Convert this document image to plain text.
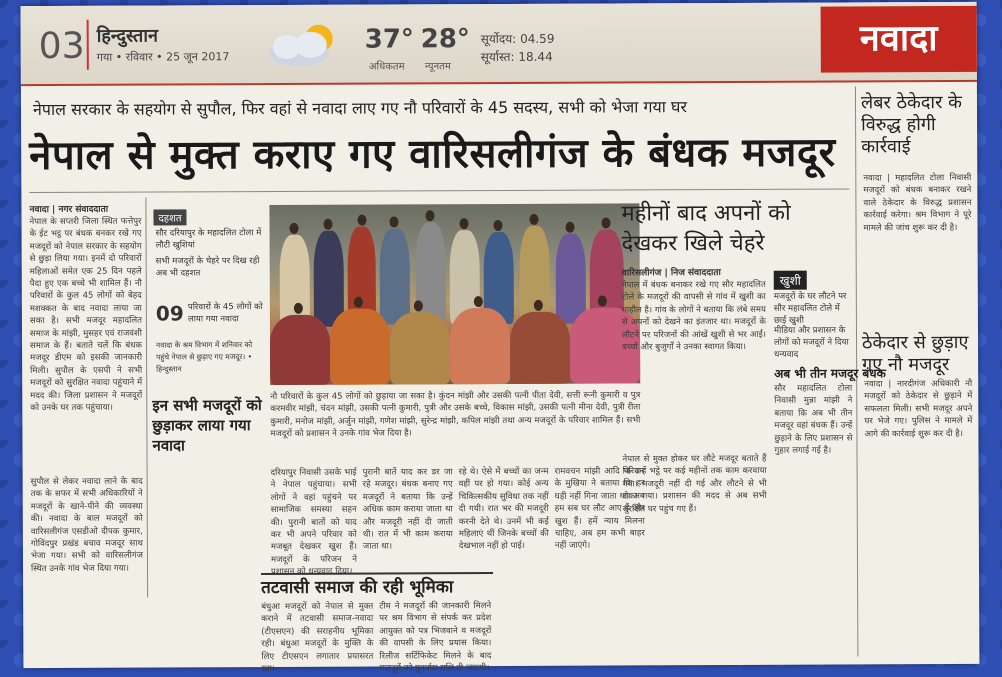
03 हिन्दुस्तान
गया • रविवार • 25 जून 2017
37°
अधिकतम
28°
न्यूनतम
सूर्योदय: 04.59
सूर्यास्त: 18.44	नवादा
नेपाल सरकार के सहयोग से सुपौल, फिर वहां से नवादा लाए गए नौ परिवारों के 45 सदस्य, सभी को भेजा गया घर
नेपाल से मुक्त कराए गए वारिसलीगंज के बंधक मजदूर
लेबर ठेकेदार के विरुद्ध होगी कार्रवाई
नवादा | महादलित टोला निवासी मजदूरों को बंधक बनाकर रखने वाले ठेकेदार के विरुद्ध प्रशासन कार्रवाई करेगा। श्रम विभाग ने पूरे मामले की जांच शुरू कर दी है।
ठेकेदार से छुड़ाए गए नौ मजदूर
नवादा | नारदीगंज अधिकारी नौ मजदूरों को ठेकेदार से छुड़ाने में सफलता मिली। सभी मजदूर अपने घर भेजे गए। पुलिस ने मामले में आगे की कार्रवाई शुरू कर दी है।
नवादा | नगर संवाददाता
नेपाल के सप्तरी जिला स्थित फत्तेपुर के ईट भट्ठ पर बंधक बनकर रखे गए मजदूरों को नेपाल सरकार के सहयोग से छुड़ा लिया गया। इनमें दो परिवारों महिलाओं समेत एक 25 दिन पहले पैदा हुए एक बच्चे भी शामिल हैं। नौ परिवारों के कुल 45 लोगों को बेहद मशक्कत के बाद नवादा लाया जा सका है। सभी मजदूर महादलित समाज के मांझी, मुसहर एवं राजवंशी समाज के हैं। बताते चलें कि बंधक मजदूर डीएम को इसकी जानकारी मिली। सुपौल के एसपी ने सभी मजदूरों को सुरक्षित नवादा पहुंचाने में मदद की। जिला प्रशासन ने मजदूरों को उनके घर तक पहुंचाया।
सुपौल से लेकर नवादा लाने के बाद तक के सफर में सभी अधिकारियों ने मजदूरों के खाने-पीने की व्यवस्था की। नवादा के बाल मजदूरों को वारिसलीगंज एसडीओ दीपक कुमार, गोविंदपुर प्रखंड बचाव मजदूर साथ भेजा गया। सभी को वारिसलीगंज स्थित उनके गांव भेज दिया गया।
दहशत
सौर दरियापुर के महादलित टोला में लौटी खुशियां
सभी मजदूरों के चेहरे पर दिख रही अब भी दहशत
09 परिवारों के 45 लोगों को लाया गया नवादा
नवादा के श्रम विभाग में शनिवार को पहुंचे नेपाल से छुड़ाए गए मजदूर। • हिन्दुस्तान
इन सभी मजदूरों को छुड़ाकर लाया गया नवादा
नौ परिवारों के कुल 45 लोगों को छुड़ाया जा सका है। कुंदन मांझी और उसकी पत्नी पीता देवी, सत्ती रूनी कुमारी व पुत्र करमवीर मांझी, चंदन मांझी, उसकी पत्नी कुमारी, पुत्री और उसके बच्चे, विकास मांझी, उसकी पत्नी मीना देवी, पुत्री रीता कुमारी, मनोज मांझी, अर्जुन मांझी, गणेश मांझी, सुरेन्द्र मांझी, कपिल मांझी तथा अन्य मजदूरों के परिवार शामिल हैं। सभी मजदूरों को प्रशासन ने उनके गांव भेज दिया है।
दरियापुर निवासी उसके भाई ने नेपाल पहुंचाया। सभी लोगों ने वहां पहुंचने पर सामाजिक समस्या सहन की। पुरानी बातों को याद कर भी अपने परिवार को मजबूत देखकर खुश हैं। मजदूरों के परिजन ने
पुरानी बातें याद कर डर जा रहे मजदूर। बंधक बनाए गए मजदूरों ने बताया कि उन्हें अधिक काम कराया जाता था और मजदूरी नहीं दी जाती थी। रात में भी काम कराया जाता था।
रहे थे। ऐसे में बच्चों का जन्म वहीं पर हो गया। कोई अन्य चिकित्सकीय सुविधा तक नहीं दी गयी। रात भर की मजदूरी करनी देते थे। उनमें भी कई महिलाएं थीं जिनके बच्चों की देखभाल नहीं हो पाई।
रामवचन मांझी आदि परिवार के मुखिया ने बताया कि हर घड़ी नहीं गिना जाता था। अब हम सब घर लौट आए हैं और खुश हैं। हमें न्याय मिलना चाहिए, अब हम कभी बाहर नहीं जाएंगे।
तटवासी समाज की रही भूमिका
बंधुआ मजदूरों को नेपाल से मुक्त कराने में तटवासी समाज-नवादा (टीएसएन) की सराहनीय भूमिका रही। बंधुआ मजदूरों के मुक्ति के लिए टीएसएन लगातार प्रयासरत रहा।
टीम ने मजदूरों की जानकारी मिलने पर श्रम विभाग से संपर्क कर प्रदेश आयुक्त को पत्र भिजवाने व मजदूरों की वापसी के लिए प्रयास किया। रिलीज सर्टिफिकेट मिलने के बाद मजदूरों को पुनर्वास राशि दी जाएगी।
महीनों बाद अपनों को देखकर खिले चेहरे
वारिसलीगंज | निज संवाददाता
नेपाल में बंधक बनाकर रखे गए सौर महादलित टोले के मजदूरों की वापसी से गांव में खुशी का माहौल है। गांव के लोगों ने बताया कि लंबे समय से अपनों को देखने का इंतजार था। मजदूरों के लौटने पर परिजनों की आंखें खुशी से भर आईं। बच्चों और बुजुर्गों ने उनका स्वागत किया।
नेपाल से मुक्त होकर घर लौटे मजदूर बताते हैं कि उन्हें भट्ठे पर कई महीनों तक काम करवाया गया। मजदूरी नहीं दी गई और लौटने से भी रोका गया। प्रशासन की मदद से अब सभी सुरक्षित घर पहुंच गए हैं।
खुशी
मजदूरों के घर लौटने पर सौर महादलित टोले में छाई खुशी
मीडिया और प्रशासन के लोगों को मजदूरों ने दिया धन्यवाद
अब भी तीन मजदूर बंधक
सौर महादलित टोला निवासी मुन्ना मांझी ने बताया कि अब भी तीन मजदूर वहां बंधक हैं। उन्हें छुड़ाने के लिए प्रशासन से गुहार लगाई गई है।
